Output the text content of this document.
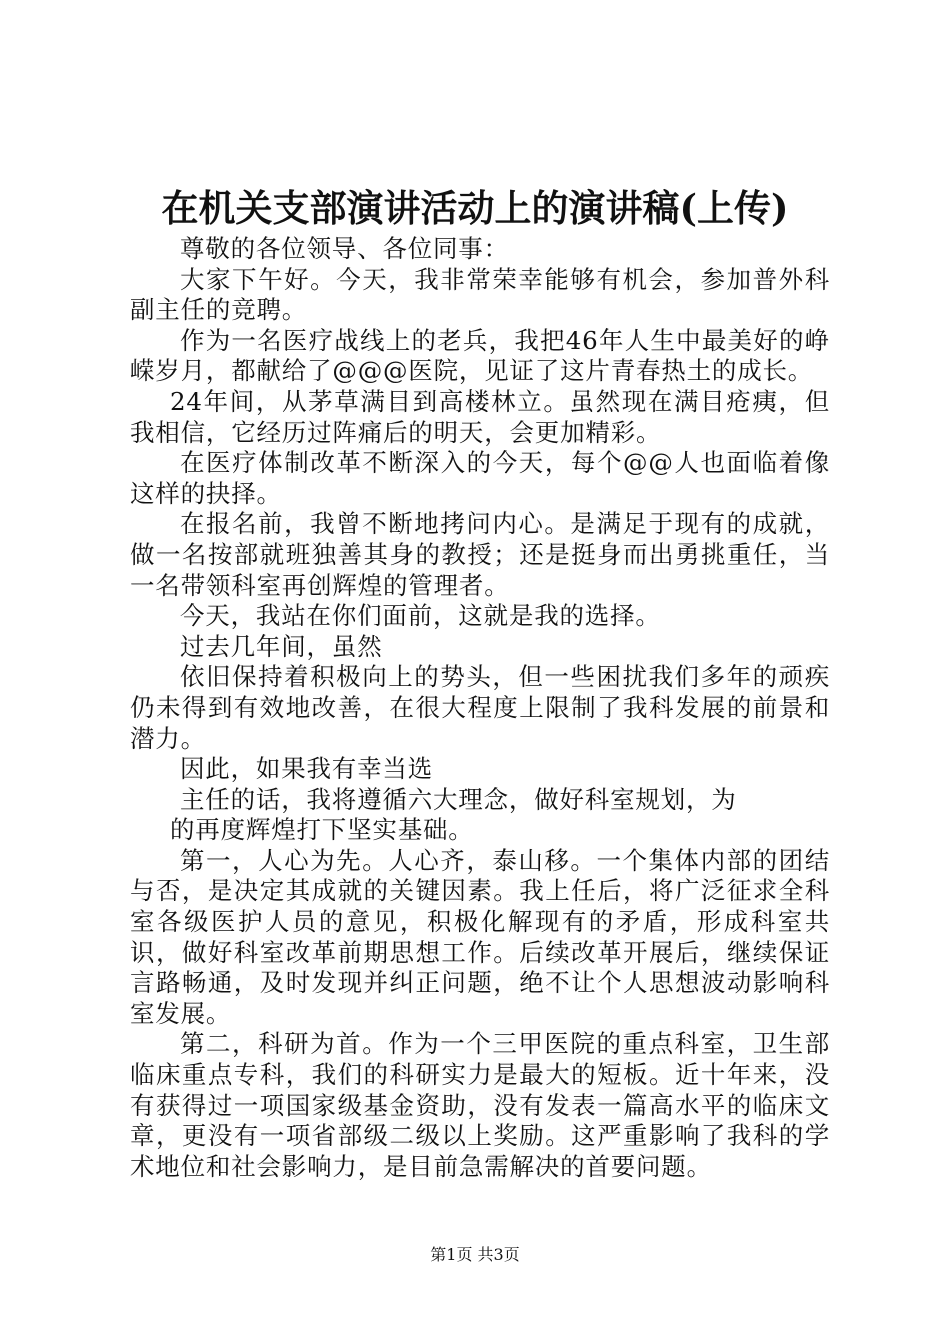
在机关支部演讲活动上的演讲稿(上传)

尊敬的各位领导、各位同事：

大家下午好。今天，我非常荣幸能够有机会，参加普外科副主任的竞聘。

作为一名医疗战线上的老兵，我把46年人生中最美好的峥嵘岁月，都献给了@@@医院，见证了这片青春热土的成长。

24年间，从茅草满目到高楼林立。虽然现在满目疮痍，但我相信，它经历过阵痛后的明天，会更加精彩。

在医疗体制改革不断深入的今天，每个@@人也面临着像这样的抉择。

在报名前，我曾不断地拷问内心。是满足于现有的成就，做一名按部就班独善其身的教授；还是挺身而出勇挑重任，当一名带领科室再创辉煌的管理者。

今天，我站在你们面前，这就是我的选择。

过去几年间，虽然

依旧保持着积极向上的势头，但一些困扰我们多年的顽疾仍未得到有效地改善，在很大程度上限制了我科发展的前景和潜力。

因此，如果我有幸当选

主任的话，我将遵循六大理念，做好科室规划，为

的再度辉煌打下坚实基础。

第一，人心为先。人心齐，泰山移。一个集体内部的团结与否，是决定其成就的关键因素。我上任后，将广泛征求全科室各级医护人员的意见，积极化解现有的矛盾，形成科室共识，做好科室改革前期思想工作。后续改革开展后，继续保证言路畅通，及时发现并纠正问题，绝不让个人思想波动影响科室发展。

第二，科研为首。作为一个三甲医院的重点科室，卫生部临床重点专科，我们的科研实力是最大的短板。近十年来，没有获得过一项国家级基金资助，没有发表一篇高水平的临床文章，更没有一项省部级二级以上奖励。这严重影响了我科的学术地位和社会影响力，是目前急需解决的首要问题。

第1页 共3页
